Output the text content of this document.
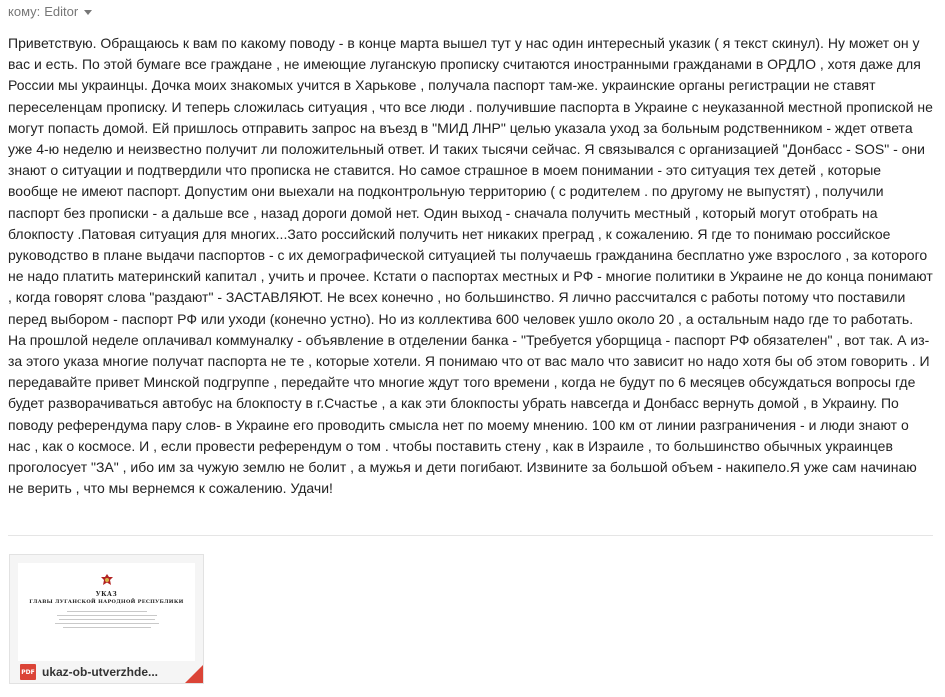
кому: Editor
Приветствую. Обращаюсь к вам по какому поводу - в конце марта вышел тут у нас один интересный указик ( я текст скинул). Ну может он у вас и есть. По этой бумаге все граждане , не имеющие луганскую прописку считаются иностранными гражданами в ОРДЛО , хотя даже для России мы украинцы. Дочка моих знакомых учится в Харькове , получала паспорт там-же. украинские органы регистрации не ставят переселенцам прописку. И теперь сложилась ситуация , что все люди . получившие паспорта в Украине с неуказанной местной пропиской не могут попасть домой. Ей пришлось отправить запрос на въезд в "МИД ЛНР" целью указала уход за больным родственником - ждет ответа уже 4-ю неделю и неизвестно получит ли положительный ответ. И таких тысячи сейчас. Я связывался с организацией "Донбасс - SOS" - они знают о ситуации и подтвердили что прописка не ставится. Но самое страшное в моем понимании - это ситуация тех детей , которые вообще не имеют паспорт. Допустим они выехали на подконтрольную территорию ( с родителем . по другому не выпустят) , получили паспорт без прописки - а дальше все , назад дороги домой нет. Один выход - сначала получить местный , который могут отобрать на блокпосту .Патовая ситуация для многих...Зато российский получить нет никаких преград , к сожалению. Я где то понимаю российское руководство в плане выдачи паспортов - с их демографической ситуацией ты получаешь гражданина бесплатно уже взрослого , за которого не надо платить материнский капитал , учить и прочее. Кстати о паспортах местных и РФ - многие политики в Украине не до конца понимают , когда говорят слова "раздают" - ЗАСТАВЛЯЮТ. Не всех конечно , но большинство. Я лично рассчитался с работы потому что поставили перед выбором - паспорт РФ или уходи (конечно устно). Но из коллектива 600 человек ушло около 20 , а остальным надо где то работать. На прошлой неделе оплачивал коммуналку - объявление в отделении банка - "Требуется уборщица - паспорт РФ обязателен" , вот так. А из-за этого указа многие получат паспорта не те , которые хотели. Я понимаю что от вас мало что зависит но надо хотя бы об этом говорить . И передавайте привет Минской подгруппе , передайте что многие ждут того времени , когда не будут по 6 месяцев обсуждаться вопросы где будет разворачиваться автобус на блокпосту в г.Счастье , а как эти блокпосты убрать навсегда и Донбасс вернуть домой , в Украину. По поводу референдума пару слов- в Украине его проводить смысла нет по моему мнению. 100 км от линии разграничения - и люди знают о нас , как о космосе. И , если провести референдум о том . чтобы поставить стену , как в Израиле , то большинство обычных украинцев проголосует "ЗА" , ибо им за чужую землю не болит , а мужья и дети погибают. Извините за большой объем - накипело.Я уже сам начинаю не верить , что мы вернемся к сожалению. Удачи!
УКАЗ
ГЛАВЫ ЛУГАНСКОЙ НАРОДНОЙ РЕСПУБЛИКИ
PDF ukaz-ob-utverzhde...
